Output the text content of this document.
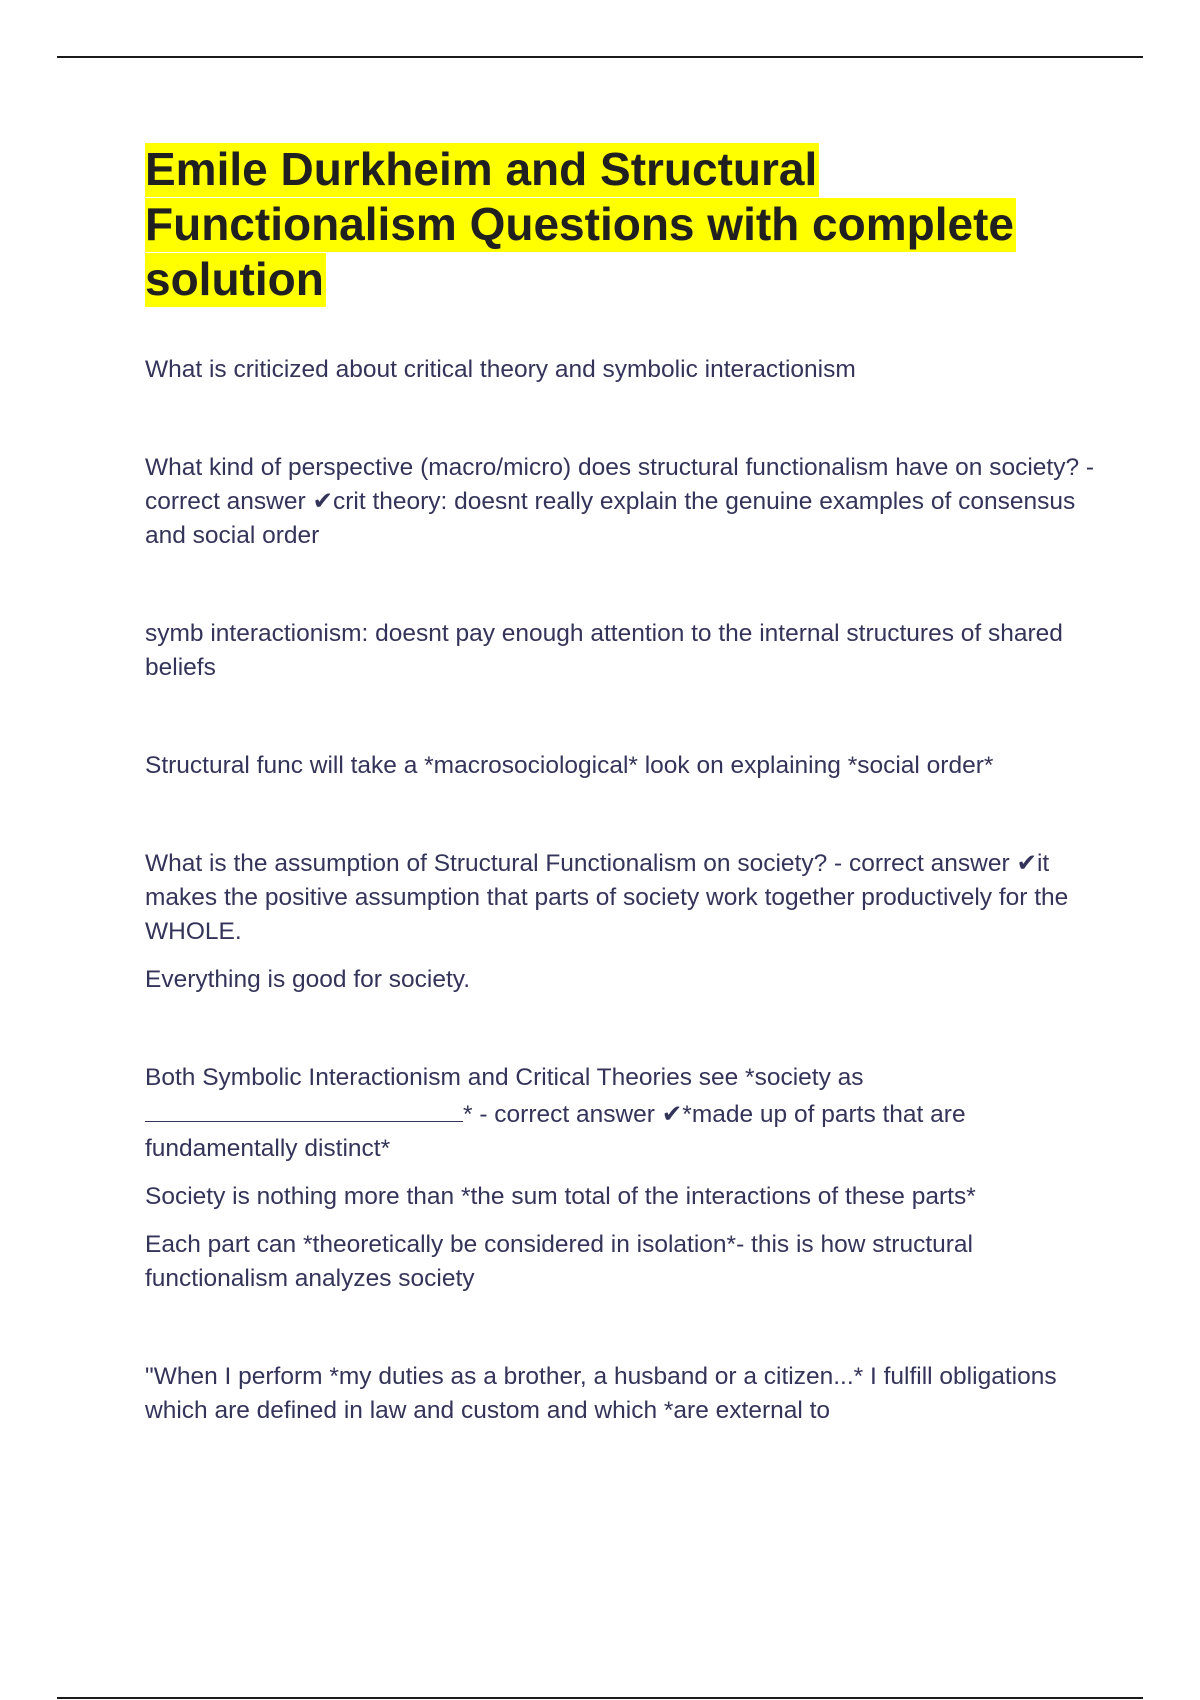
Emile Durkheim and Structural Functionalism Questions with complete solution

What is criticized about critical theory and symbolic interactionism

What kind of perspective (macro/micro) does structural functionalism have on society? - correct answer ✔crit theory: doesnt really explain the genuine examples of consensus and social order

symb interactionism: doesnt pay enough attention to the internal structures of shared beliefs

Structural func will take a *macrosociological* look on explaining *social order*

What is the assumption of Structural Functionalism on society? - correct answer ✔it makes the positive assumption that parts of society work together productively for the WHOLE.

Everything is good for society.

Both Symbolic Interactionism and Critical Theories see *society as * - correct answer ✔*made up of parts that are fundamentally distinct*

Society is nothing more than *the sum total of the interactions of these parts*

Each part can *theoretically be considered in isolation*- this is how structural functionalism analyzes society

"When I perform *my duties as a brother, a husband or a citizen...* I fulfill obligations which are defined in law and custom and which *are external to
